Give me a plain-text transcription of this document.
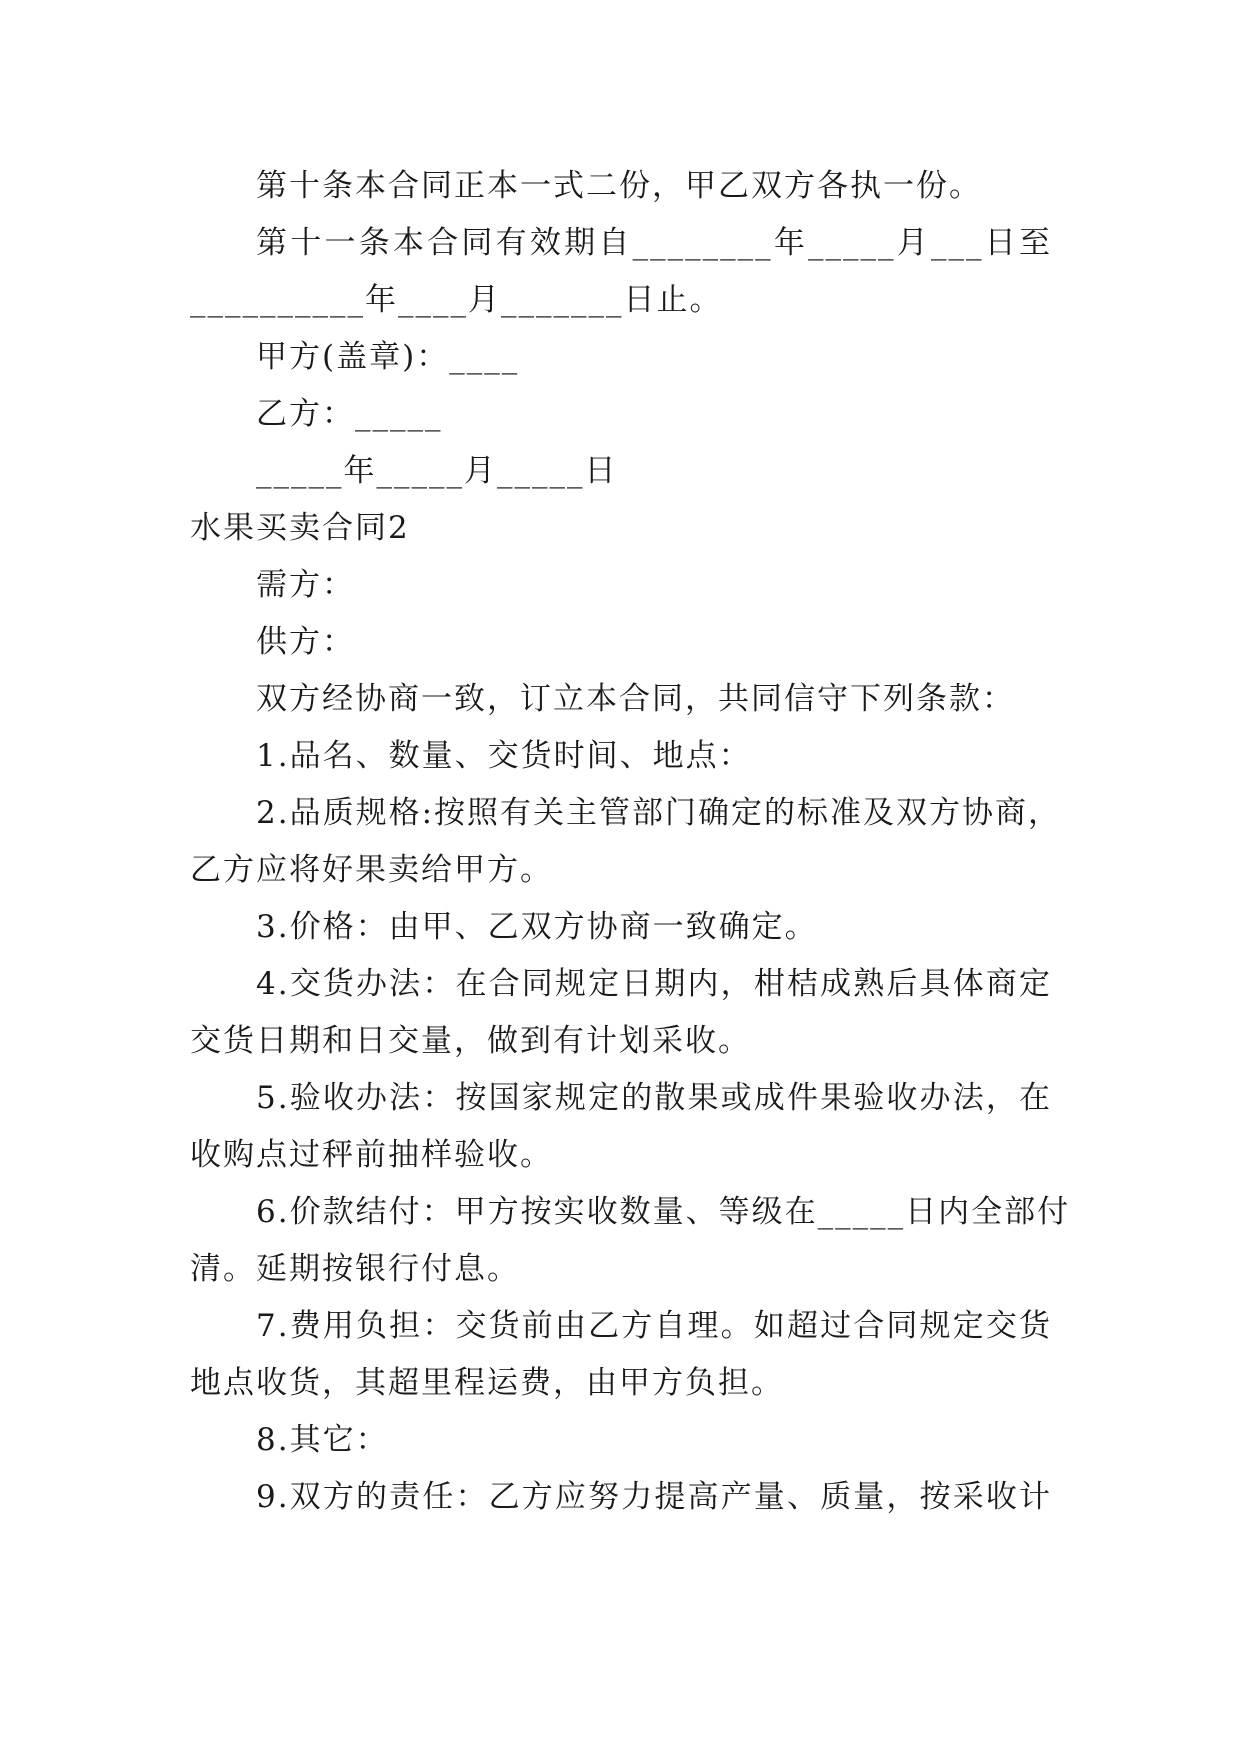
第十条本合同正本一式二份，甲乙双方各执一份。

第十一条本合同有效期自________年_____月___日至

__________年____月_______日止。

甲方(盖章)：____

乙方：_____

_____年_____月_____日

水果买卖合同2

需方：

供方：

双方经协商一致，订立本合同，共同信守下列条款：

1.品名、数量、交货时间、地点：

2.品质规格:按照有关主管部门确定的标准及双方协商，

乙方应将好果卖给甲方。

3.价格：由甲、乙双方协商一致确定。

4.交货办法：在合同规定日期内，柑桔成熟后具体商定

交货日期和日交量，做到有计划采收。

5.验收办法：按国家规定的散果或成件果验收办法，在

收购点过秤前抽样验收。

6.价款结付：甲方按实收数量、等级在_____日内全部付

清。延期按银行付息。

7.费用负担：交货前由乙方自理。如超过合同规定交货

地点收货，其超里程运费，由甲方负担。

8.其它：

9.双方的责任：乙方应努力提高产量、质量，按采收计
